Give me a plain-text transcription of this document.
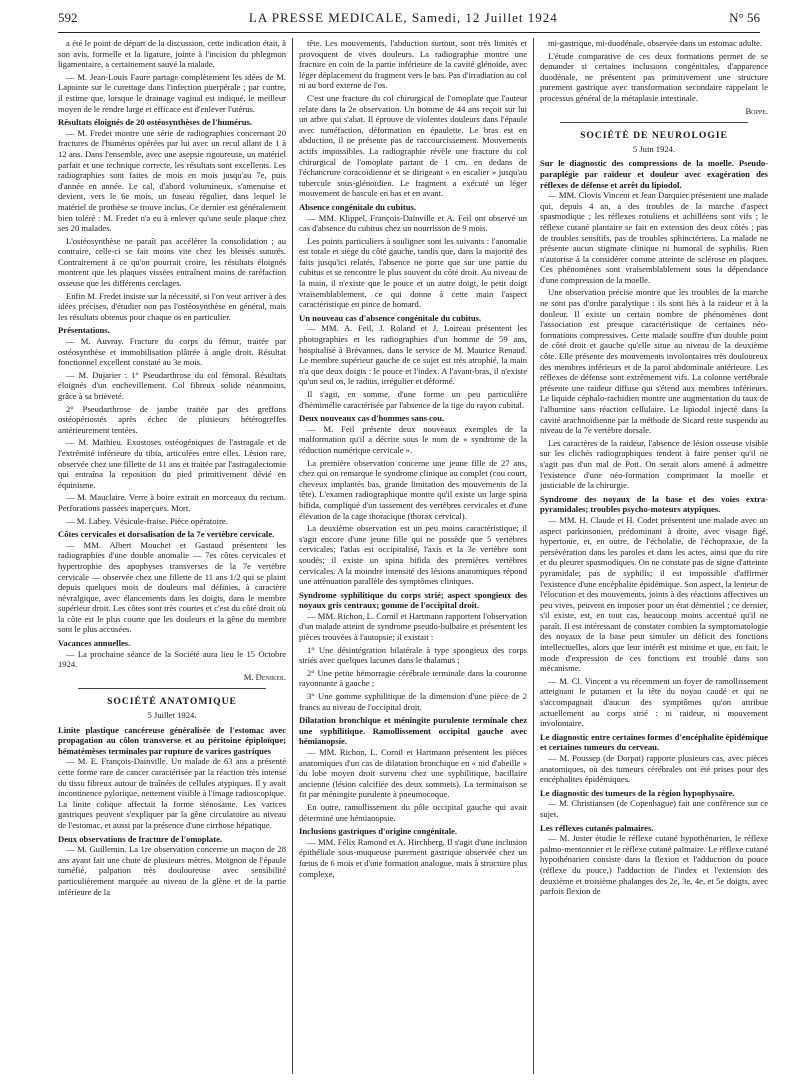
592	LA PRESSE MEDICALE, Samedi, 12 Juillet 1924	N° 56

a été le point de départ de la discussion, cette indication était, à son avis, formelle et la ligature, jointe à l'incision du phlegmon ligamentaire, a certainement sauvé la malade.

— M. Jean-Louis Faure partage complètement les idées de M. Lapointe sur le curettage dans l'infection puerpérale ; par contre, il estime que, lorsque le drainage vaginal est indiqué, le meilleur moyen de le rendre large et efficace est d'enlever l'utérus.

Résultats éloignés de 20 ostéosynthèses de l'humérus.

— M. Fredet montre une série de radiographies concernant 20 fractures de l'humérus opérées par lui avec un recul allant de 1 à 12 ans. Dans l'ensemble, avec une asepsie rigoureuse, un matériel parfait et une technique correcte, les résultats sont excellents. Les radiographies sont faites de mois en mois jusqu'au 7e, puis d'année en année. Le cal, d'abord volumineux, s'amenuise et devient, vers le 6e mois, un fuseau régulier, dans lequel le matériel de prothèse se trouve inclus. Ce dernier est généralement bien toléré : M. Fredet n'a eu à enlever qu'une seule plaque chez ses 20 malades.

L'ostéosynthèse ne paraît pas accélérer la consolidation ; au contraire, celle-ci se fait moins vite chez les blessés suturés. Contrairement à ce qu'on pourrait croire, les résultats éloignés montrent que les plaques vissées entraînent moins de raréfaction osseuse que les différents cerclages.

Enfin M. Fredet insiste sur la nécessité, si l'on veut arriver à des idées précises, d'étudier non pas l'ostéosynthèse en général, mais les résultats obtenus pour chaque os en particulier.

Présentations.

— M. Auvray. Fracture du corps du fémur, traitée par ostéosynthèse et immobilisation plâtrée à angle droit. Résultat fonctionnel excellent constaté au 3e mois.

— M. Dujarier : 1° Pseudarthrose du col fémoral. Résultats éloignés d'un enchevillement. Col fibreux solide néanmoins, grâce à sa brièveté.

2° Pseudarthrose de jambe traitée par des greffons ostéopériostés après échec de plusieurs hétérogreffes antérieurement tentées.

— M. Mathieu. Exostoses ostéogéniques de l'astragale et de l'extrémité inférieure du tibia, articulées entre elles. Lésion rare, observée chez une fillette de 11 ans et traitée par l'astragalectomie qui entraîna la reposition du pied primitivement dévié en équinisme.

— M. Mauclaire. Verre à boire extrait en morceaux du rectum. Perforations passées inaperçues. Mort.

— M. Labey. Vésicule-fraise. Pièce opératoire.

Côtes cervicales et dorsalisation de la 7e vertèbre cervicale.

— MM. Albert Mouchet et Gastaud présentent les radiographies d'une double anomalie — 7es côtes cervicales et hypertrophie des apophyses transverses de la 7e vertèbre cervicale — observée chez une fillette de 11 ans 1/2 qui se plaint depuis quelques mois de douleurs mal définies, à caractère névralgique, avec élancements dans les doigts, dans le membre supérieur droit. Les côtes sont très courtes et c'est du côté droit où la côte est le plus courte que les douleurs et la gêne du membre sont le plus accusées.

Vacances annuelles.

— La prochaine séance de la Société aura lieu le 15 Octobre 1924.

M. Deniker.
SOCIÉTÉ ANATOMIQUE
5 Juillet 1924.
Linite plastique cancéreuse généralisée de l'estomac avec propagation au côlon transverse et au péritoine épiploïque; hématémèses terminales par rupture de varices gastriques

— M. E. François-Dainville. Un malade de 63 ans a présenté cette forme rare de cancer caractérisée par la réaction très intense du tissu fibreux autour de traînées de cellules atypiques. Il y avait incontinence pylorique, nettement visible à l'image radioscopique. La linite colique affectait la forme sténosante. Les varices gastriques peuvent s'expliquer par la gêne circulatoire au niveau de l'estomac, et aussi par la présence d'une cirrhose hépatique.

Deux observations de fracture de l'omoplate.

— M. Guillemin. La 1re observation concerne un maçon de 28 ans ayant fait une chute de plusieurs mètres. Moignon de l'épaule tuméfié, palpation très douloureuse avec sensibilité particulièrement marquée au niveau de la glène et de la partie inférieure de la

tête. Les mouvements, l'abduction surtout, sont très limités et provoquent de vives douleurs. La radiographie montre une fracture en coin de la partie inférieure de la cavité glénoïde, avec léger déplacement du fragment vers le bas. Pas d'irradiation au col ni au bord externe de l'os.

C'est une fracture du col chirurgical de l'omoplate que l'auteur relate dans la 2e observation. Un homme de 44 ans reçoit sur lui un arbre qui s'abat. Il éprouve de violentes douleurs dans l'épaule avec tuméfaction, déformation en épaulette. Le bras est en abduction, il ne présente pas de raccourcissement. Mouvements actifs impossibles. La radiographie révèle une fracture du col chirurgical de l'omoplate partant de 1 cm. en dedans de l'échancrure coracoïdienne et se dirigeant « en escalier » jusqu'au tubercule sous-glénoïdien. Le fragment a exécuté un léger mouvement de bascule en bas et en avant.

Absence congénitale du cubitus.

— MM. Klippel, François-Dainville et A. Feil ont observé un cas d'absence du cubitus chez un nourrisson de 9 mois.

Les points particuliers à souligner sont les suivants : l'anomalie est totale et siège du côté gauche, tandis que, dans la majorité des faits jusqu'ici relatés, l'absence ne porte que sur une partie du cubitus et se rencontre le plus souvent du côté droit. Au niveau de la main, il n'existe que le pouce et un autre doigt, le petit doigt vraisemblablement, ce qui donne à cette main l'aspect caractéristique en pince de homard.

Un nouveau cas d'absence congénitale du cubitus.

— MM. A. Feil, J. Roland et J. Loireau présentent les photographies et les radiographies d'un homme de 59 ans, hospitalisé à Brévannes, dans le service de M. Maurice Renaud. Le membre supérieur gauche de ce sujet est très atrophié, la main n'a que deux doigts : le pouce et l'index. A l'avant-bras, il n'existe qu'un seul os, le radius, irrégulier et déformé.

Il s'agit, en somme, d'une forme un peu particulière d'hémimélie caractérisée par l'absence de la tige du rayon cubital.

Deux nouveaux cas d'hommes sans cou.

— M. Feil présente deux nouveaux exemples de la malformation qu'il a décrite sous le nom de « syndrome de la réduction numérique cervicale ».

La première observation concerne une jeune fille de 27 ans, chez qui on remarque le syndrome clinique au complet (cou court, cheveux implantés bas, grande limitation des mouvements de la tête). L'examen radiographique montre qu'il existe un large spina bifida, compliqué d'un tassement des vertèbres cervicales et d'une élévation de la cage thoracique (thorax cervical).

La deuxième observation est un peu moins caractéristique; il s'agit encore d'une jeune fille qui ne possède que 5 vertèbres cervicales; l'atlas est occipitalisé, l'axis et la 3e vertèbre sont soudés; il existe un spina bifida des premières vertèbres cervicales. A la moindre intensité des lésions anatomiques répond une atténuation parallèle des symptômes cliniques.

Syndrome syphilitique du corps strié; aspect spongieux des noyaux gris centraux; gomme de l'occipital droit.

— MM. Richon, L. Cornil et Hartmann rapportent l'observation d'un malade atteint de syndrome pseudo-bulbaire et présentent les pièces trouvées à l'autopsie; il existait :

1° Une désintégration bilatérale à type spongieux des corps striés avec quelques lacunes dans le thalamus ;

2° Une petite hémorragie cérébrale terminale dans la couronne rayonnante à gauche ;

3° Une gomme syphilitique de la dimension d'une pièce de 2 francs au niveau de l'occipital droit.

Dilatation bronchique et méningite purulente terminale chez une syphilitique. Ramollissement occipital gauche avec hémianopsie.

— MM. Richon, L. Cornil et Hartmann présentent les pièces anatomiques d'un cas de dilatation bronchique en « nid d'abeille » du lobe moyen droit survenu chez une syphilitique, bacillaire ancienne (lésion calcifiée des deux sommets). La terminaison se fit par méningite purulente à pneumocoque.

En outre, ramollissement du pôle occipital gauche qui avait déterminé une hémianopsie.

Inclusions gastriques d'origine congénitale.

— MM. Félix Ramond et A. Hirchberg. Il s'agit d'une inclusion épithéliale sous-muqueuse purement gastrique observée chez un fœtus de 6 mois et d'une formation analogue, mais à structure plus complexe,

mi-gastrique, mi-duodénale, observée dans un estomac adulte.

L'étude comparative de ces deux formations permet de se demander si certaines inclusions congénitales, d'apparence duodénale, ne présentent pas primitivement une structure purement gastrique avec transformation secondaire rappelant le processus général de la métaplasie intestinale.

Boppe.
SOCIÉTÉ DE NEUROLOGIE
5 Juin 1924.
Sur le diagnostic des compressions de la moelle. Pseudo-paraplégie par raideur et douleur avec exagération des réflexes de défense et arrêt du lipiodol.

— MM. Clovis Vincent et Jean Darquier présentent une malade qui, depuis 4 an, a des troubles de la marche d'aspect spasmodique ; les réflexes rotuliens et achilléens sont vifs ; le réflexe cutané plantaire se fait en extension des deux côtés ; pas de troubles sensitifs, pas de troubles sphinctériens. La malade ne présente aucun stigmate clinique ni humoral de syphilis. Rien n'autorise à la considérer comme atteinte de sclérose en plaques. Ces phénomènes sont vraisemblablement sous la dépendance d'une compression de la moelle.

Une observation précise montre que les troubles de la marche ne sont pas d'ordre paralytique : ils sont liés à la raideur et à la douleur. Il existe un certain nombre de phénomènes dont l'association est presque caractéristique de certaines néo-formations compressives. Cette malade souffre d'un double point de côté droit et gauche qu'elle situe au niveau de la deuxième côte. Elle présente des mouvements involontaires très douloureux des membres inférieurs et de la paroi abdominale antérieure. Les réflexes de défense sont extrêmement vifs. La colonne vertébrale présente une raideur diffuse qui s'étend aux membres inférieurs. Le liquide céphalo-rachidien montre une augmentation du taux de l'albumine sans réaction cellulaire. Le lipiodol injecté dans la cavité arachnoïdienne par la méthode de Sicard reste suspendu au niveau de la 7e vertèbre dorsale.

Les caractères de la raideur, l'absence de lésion osseuse visible sur les clichés radiographiques tendent à faire penser qu'il ne s'agit pas d'un mal de Pott. On serait alors amené à admettre l'existence d'une néo-formation comprimant la moelle et justiciable de la chirurgie.

Syndrome des noyaux de la base et des voies extra-pyramidales; troubles psycho-moteurs atypiques.

— MM. H. Claude et H. Codet présentent une malade avec un aspect parkinsonien, prédominant à droite, avec visage figé, hypertonie, et, en outre, de l'écholalie, de l'échopraxie, de la persévération dans les paroles et dans les actes, ainsi que du rire et du pleurer spasmodiques. On ne constate pas de signe d'atteinte pyramidale; pas de syphilis; il est impossible d'affirmer l'existence d'une encéphalite épidémique. Son aspect, la lenteur de l'élocution et des mouvements, joints à des réactions affectives un peu vives, peuvent en imposer pour un état démentiel ; ce dernier, s'il existe, est, en tout cas, beaucoup moins accentué qu'il ne paraît. Il est intéressant de constater combien la symptomatologie des noyaux de la base peut simuler un déficit des fonctions intellectuelles, alors que leur intérêt est minime et que, en fait, le mode d'expression de ces fonctions est troublé dans son mécanisme.

— M. Cl. Vincent a vu récemment un foyer de ramollissement atteignant le putamen et la tête du noyau caudé et qui ne s'accompagnait d'aucun des symptômes qu'on attribue actuellement au corps strié : ni raideur, ni mouvement involontaire.

Le diagnostic entre certaines formes d'encéphalite épidémique et certaines tumeurs du cerveau.

— M. Poussep (de Dorpat) rapporte plusieurs cas, avec pièces anatomiques, où des tumeurs cérébrales ont été prises pour des encéphalites épidémiques.

Le diagnostic des tumeurs de la région hypophysaire.

— M. Christiansen (de Copenhague) fait une conférence sur ce sujet.

Les réflexes cutanés palmaires.

— M. Juster étudie le réflexe cutané hypothénarien, le réflexe palmo-mentonnier et le réflexe cutané palmaire. Le réflexe cutané hypothénarien consiste dans la flexion et l'adduction du pouce (réflexe du pouce,) l'adduction de l'index et l'extension des deuxième et troisième phalanges des 2e, 3e, 4e, et 5e doigts, avec parfois flexion de
